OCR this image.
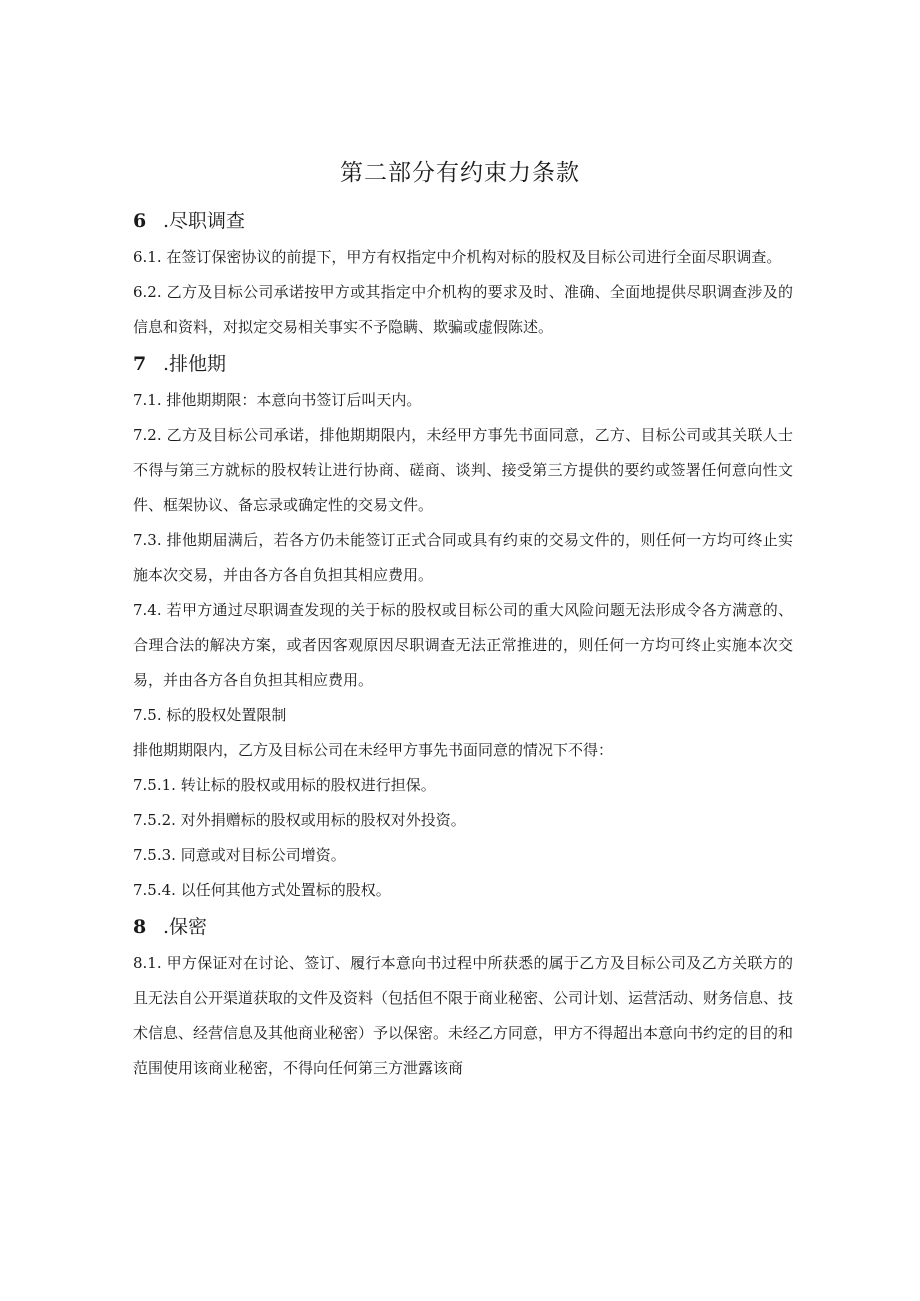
第二部分有约束力条款
6 .尽职调查

6.1. 在签订保密协议的前提下，甲方有权指定中介机构对标的股权及目标公司进行全面尽职调查。

6.2. 乙方及目标公司承诺按甲方或其指定中介机构的要求及时、准确、全面地提供尽职调查涉及的信息和资料，对拟定交易相关事实不予隐瞒、欺骗或虚假陈述。

7 .排他期

7.1. 排他期期限：本意向书签订后叫天内。

7.2. 乙方及目标公司承诺，排他期期限内，未经甲方事先书面同意，乙方、目标公司或其关联人士不得与第三方就标的股权转让进行协商、磋商、谈判、接受第三方提供的要约或签署任何意向性文件、框架协议、备忘录或确定性的交易文件。

7.3. 排他期届满后，若各方仍未能签订正式合同或具有约束的交易文件的，则任何一方均可终止实施本次交易，并由各方各自负担其相应费用。

7.4. 若甲方通过尽职调查发现的关于标的股权或目标公司的重大风险问题无法形成令各方满意的、合理合法的解决方案，或者因客观原因尽职调查无法正常推进的，则任何一方均可终止实施本次交易，并由各方各自负担其相应费用。

7.5. 标的股权处置限制

排他期期限内，乙方及目标公司在未经甲方事先书面同意的情况下不得：

7.5.1. 转让标的股权或用标的股权进行担保。

7.5.2. 对外捐赠标的股权或用标的股权对外投资。

7.5.3. 同意或对目标公司增资。

7.5.4. 以任何其他方式处置标的股权。

8 .保密

8.1. 甲方保证对在讨论、签订、履行本意向书过程中所获悉的属于乙方及目标公司及乙方关联方的且无法自公开渠道获取的文件及资料（包括但不限于商业秘密、公司计划、运营活动、财务信息、技术信息、经营信息及其他商业秘密）予以保密。未经乙方同意，甲方不得超出本意向书约定的目的和范围使用该商业秘密，不得向任何第三方泄露该商
